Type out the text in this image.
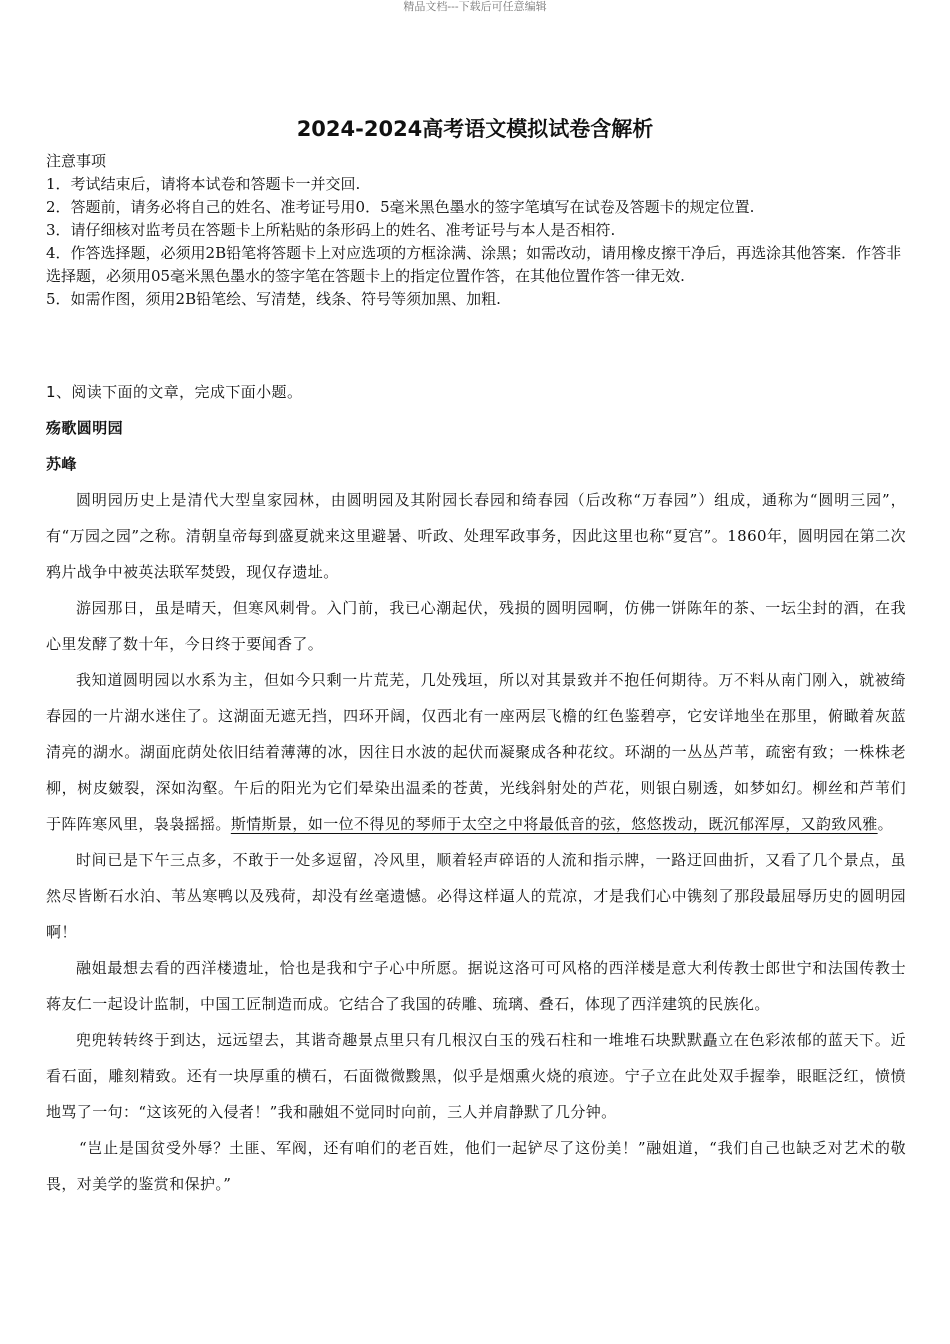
精品文档---下载后可任意编辑
2024-2024高考语文模拟试卷含解析

注意事项

1．考试结束后，请将本试卷和答题卡一并交回.

2．答题前，请务必将自己的姓名、准考证号用0．5毫米黑色墨水的签字笔填写在试卷及答题卡的规定位置.

3．请仔细核对监考员在答题卡上所粘贴的条形码上的姓名、准考证号与本人是否相符.

4．作答选择题，必须用2B铅笔将答题卡上对应选项的方框涂满、涂黑；如需改动，请用橡皮擦干净后，再选涂其他答案．作答非选择题，必须用05毫米黑色墨水的签字笔在答题卡上的指定位置作答，在其他位置作答一律无效.

5．如需作图，须用2B铅笔绘、写清楚，线条、符号等须加黑、加粗.

1、阅读下面的文章，完成下面小题。

殇歌圆明园

苏峰

圆明园历史上是清代大型皇家园林，由圆明园及其附园长春园和绮春园（后改称“万春园”）组成，通称为“圆明三园”，有“万园之园”之称。清朝皇帝每到盛夏就来这里避暑、听政、处理军政事务，因此这里也称“夏宫”。1860年，圆明园在第二次鸦片战争中被英法联军焚毁，现仅存遗址。

游园那日，虽是晴天，但寒风刺骨。入门前，我已心潮起伏，残损的圆明园啊，仿佛一饼陈年的茶、一坛尘封的酒，在我心里发酵了数十年，今日终于要闻香了。

我知道圆明园以水系为主，但如今只剩一片荒芜，几处残垣，所以对其景致并不抱任何期待。万不料从南门刚入，就被绮春园的一片湖水迷住了。这湖面无遮无挡，四环开阔，仅西北有一座两层飞檐的红色鉴碧亭，它安详地坐在那里，俯瞰着灰蓝清亮的湖水。湖面庇荫处依旧结着薄薄的冰，因往日水波的起伏而凝聚成各种花纹。环湖的一丛丛芦苇，疏密有致；一株株老柳，树皮皴裂，深如沟壑。午后的阳光为它们晕染出温柔的苍黄，光线斜射处的芦花，则银白剔透，如梦如幻。柳丝和芦苇们于阵阵寒风里，袅袅摇摇。斯情斯景，如一位不得见的琴师于太空之中将最低音的弦，悠悠拨动，既沉郁浑厚，又韵致风雅。

时间已是下午三点多，不敢于一处多逗留，冷风里，顺着轻声碎语的人流和指示牌，一路迂回曲折，又看了几个景点，虽然尽皆断石水泊、苇丛寒鸭以及残荷，却没有丝毫遗憾。必得这样逼人的荒凉，才是我们心中镌刻了那段最屈辱历史的圆明园啊！

融姐最想去看的西洋楼遗址，恰也是我和宁子心中所愿。据说这洛可可风格的西洋楼是意大利传教士郎世宁和法国传教士蒋友仁一起设计监制，中国工匠制造而成。它结合了我国的砖雕、琉璃、叠石，体现了西洋建筑的民族化。

兜兜转转终于到达，远远望去，其谐奇趣景点里只有几根汉白玉的残石柱和一堆堆石块默默矗立在色彩浓郁的蓝天下。近看石面，雕刻精致。还有一块厚重的横石，石面微微黢黑，似乎是烟熏火烧的痕迹。宁子立在此处双手握拳，眼眶泛红，愤愤地骂了一句：“这该死的入侵者！”我和融姐不觉同时向前，三人并肩静默了几分钟。

“岂止是国贫受外辱？土匪、军阀，还有咱们的老百姓，他们一起铲尽了这份美！”融姐道，“我们自己也缺乏对艺术的敬畏，对美学的鉴赏和保护。”
